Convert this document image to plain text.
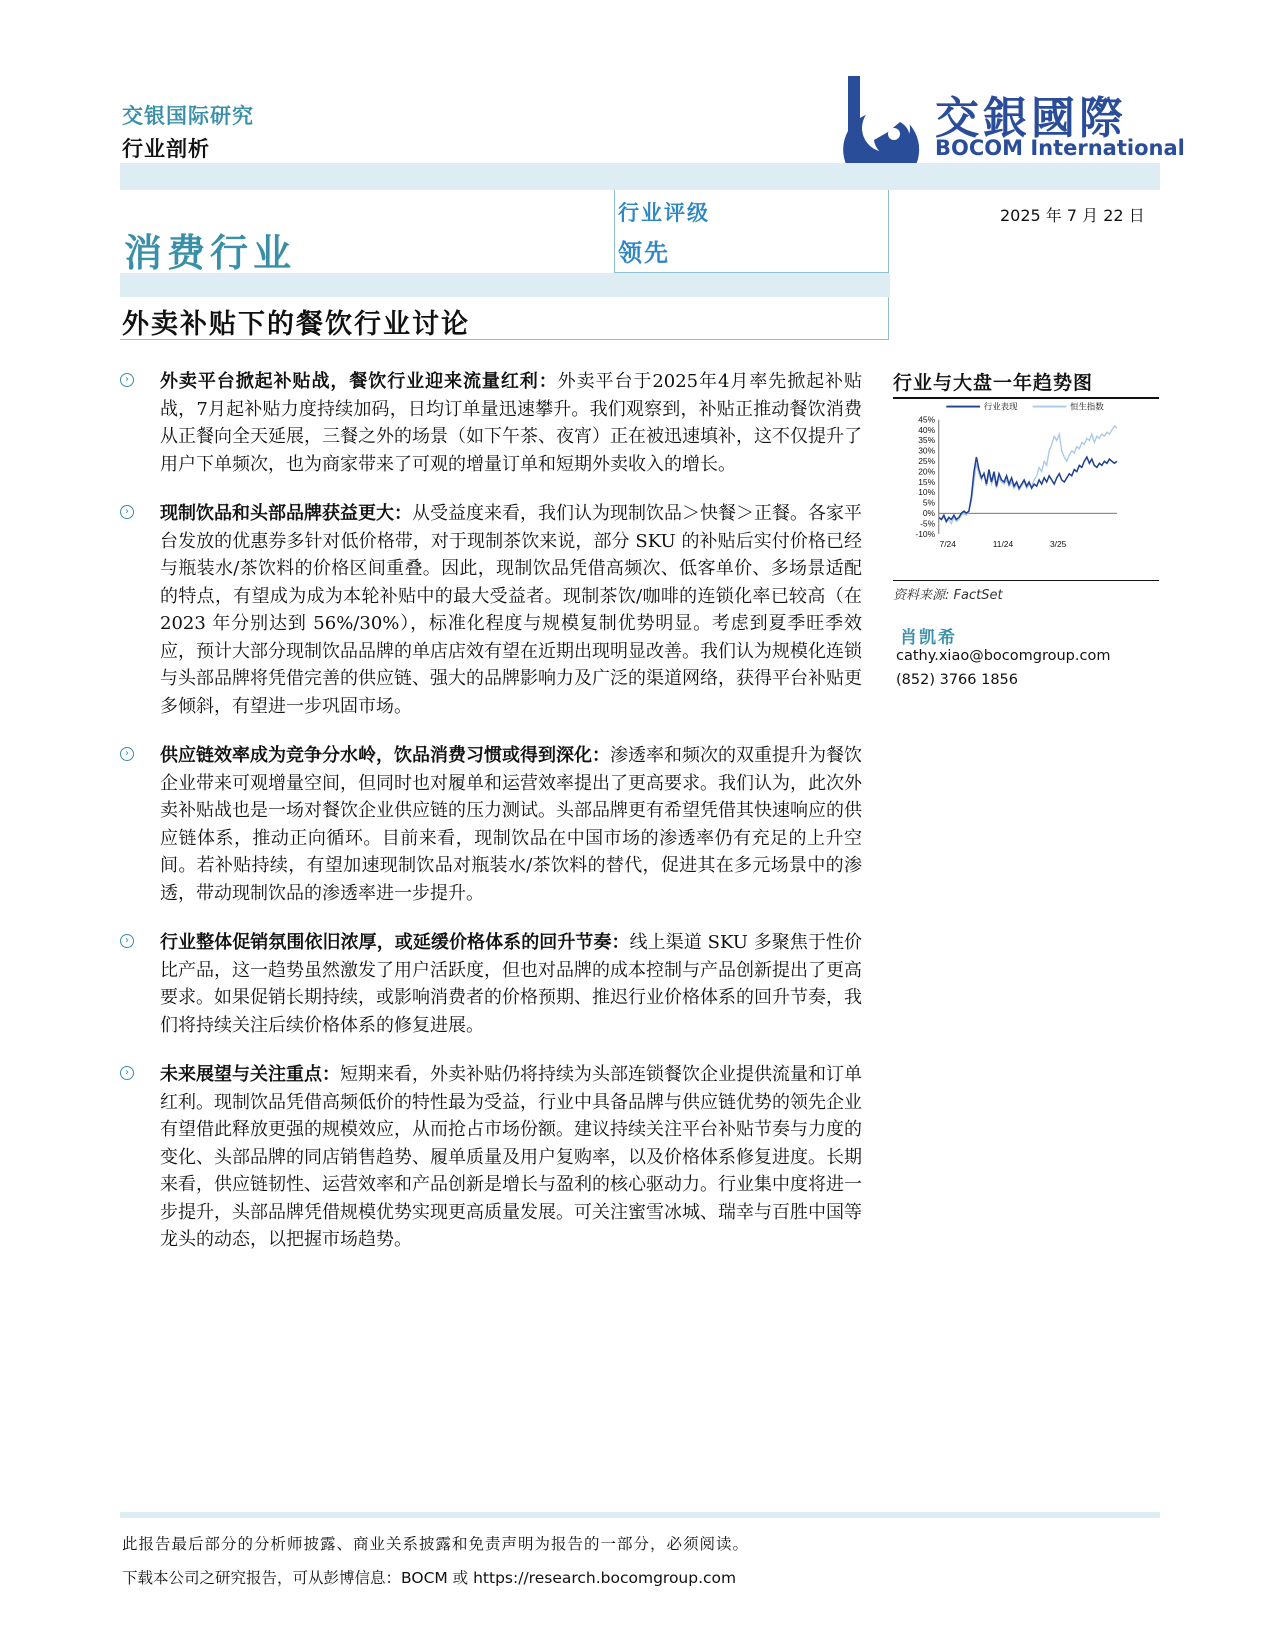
交银国际研究
行业剖析
交銀國際
BOCOM International
消费行业
行业评级
领先
2025 年 7 月 22 日
外卖补贴下的餐饮行业讨论
› 外卖平台掀起补贴战，餐饮行业迎来流量红利：外卖平台于2025年4月率先掀起补贴战，7月起补贴力度持续加码，日均订单量迅速攀升。我们观察到，补贴正推动餐饮消费从正餐向全天延展，三餐之外的场景（如下午茶、夜宵）正在被迅速填补，这不仅提升了用户下单频次，也为商家带来了可观的增量订单和短期外卖收入的增长。
› 现制饮品和头部品牌获益更大：从受益度来看，我们认为现制饮品＞快餐＞正餐。各家平台发放的优惠券多针对低价格带，对于现制茶饮来说，部分 SKU 的补贴后实付价格已经与瓶装水/茶饮料的价格区间重叠。因此，现制饮品凭借高频次、低客单价、多场景适配的特点，有望成为成为本轮补贴中的最大受益者。现制茶饮/咖啡的连锁化率已较高（在 2023 年分别达到 56%/30%），标准化程度与规模复制优势明显。考虑到夏季旺季效应，预计大部分现制饮品品牌的单店店效有望在近期出现明显改善。我们认为规模化连锁与头部品牌将凭借完善的供应链、强大的品牌影响力及广泛的渠道网络，获得平台补贴更多倾斜，有望进一步巩固市场。
› 供应链效率成为竞争分水岭，饮品消费习惯或得到深化：渗透率和频次的双重提升为餐饮企业带来可观增量空间，但同时也对履单和运营效率提出了更高要求。我们认为，此次外卖补贴战也是一场对餐饮企业供应链的压力测试。头部品牌更有希望凭借其快速响应的供应链体系，推动正向循环。目前来看，现制饮品在中国市场的渗透率仍有充足的上升空间。若补贴持续，有望加速现制饮品对瓶装水/茶饮料的替代，促进其在多元场景中的渗透，带动现制饮品的渗透率进一步提升。
› 行业整体促销氛围依旧浓厚，或延缓价格体系的回升节奏：线上渠道 SKU 多聚焦于性价比产品，这一趋势虽然激发了用户活跃度，但也对品牌的成本控制与产品创新提出了更高要求。如果促销长期持续，或影响消费者的价格预期、推迟行业价格体系的回升节奏，我们将持续关注后续价格体系的修复进展。
› 未来展望与关注重点：短期来看，外卖补贴仍将持续为头部连锁餐饮企业提供流量和订单红利。现制饮品凭借高频低价的特性最为受益，行业中具备品牌与供应链优势的领先企业有望借此释放更强的规模效应，从而抢占市场份额。建议持续关注平台补贴节奏与力度的变化、头部品牌的同店销售趋势、履单质量及用户复购率，以及价格体系修复进度。长期来看，供应链韧性、运营效率和产品创新是增长与盈利的核心驱动力。行业集中度将进一步提升，头部品牌凭借规模优势实现更高质量发展。可关注蜜雪冰城、瑞幸与百胜中国等龙头的动态，以把握市场趋势。
行业与大盘一年趋势图
45%
40%
35%
30%
25%
20%
15%
10%
5%
0%
-5%
-10%
7/24	11/24	3/25
行业表现	恒生指数
资料来源: FactSet
肖凯希
cathy.xiao@bocomgroup.com
(852) 3766 1856
此报告最后部分的分析师披露、商业关系披露和免责声明为报告的一部分，必须阅读。
下载本公司之研究报告，可从彭博信息：BOCM 或 https://research.bocomgroup.com
